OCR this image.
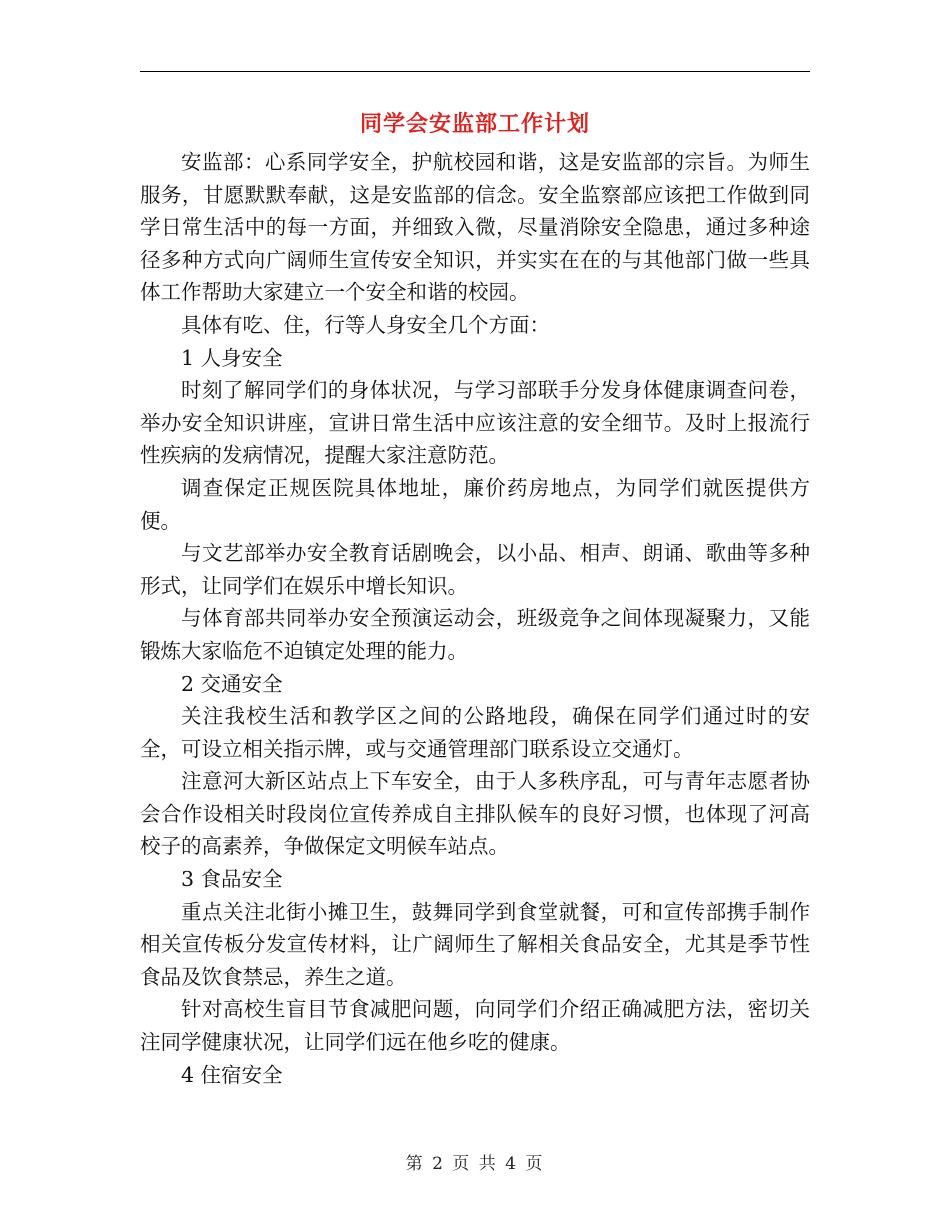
同学会安监部工作计划

安监部：心系同学安全，护航校园和谐，这是安监部的宗旨。为师生服务，甘愿默默奉献，这是安监部的信念。安全监察部应该把工作做到同学日常生活中的每一方面，并细致入微，尽量消除安全隐患，通过多种途径多种方式向广阔师生宣传安全知识，并实实在在的与其他部门做一些具体工作帮助大家建立一个安全和谐的校园。

具体有吃、住，行等人身安全几个方面：

1 人身安全

时刻了解同学们的身体状况，与学习部联手分发身体健康调查问卷，举办安全知识讲座，宣讲日常生活中应该注意的安全细节。及时上报流行性疾病的发病情况，提醒大家注意防范。

调查保定正规医院具体地址，廉价药房地点，为同学们就医提供方便。

与文艺部举办安全教育话剧晚会，以小品、相声、朗诵、歌曲等多种形式，让同学们在娱乐中增长知识。

与体育部共同举办安全预演运动会，班级竞争之间体现凝聚力，又能锻炼大家临危不迫镇定处理的能力。

2 交通安全

关注我校生活和教学区之间的公路地段，确保在同学们通过时的安全，可设立相关指示牌，或与交通管理部门联系设立交通灯。

注意河大新区站点上下车安全，由于人多秩序乱，可与青年志愿者协会合作设相关时段岗位宣传养成自主排队候车的良好习惯，也体现了河高校子的高素养，争做保定文明候车站点。

3 食品安全

重点关注北街小摊卫生，鼓舞同学到食堂就餐，可和宣传部携手制作相关宣传板分发宣传材料，让广阔师生了解相关食品安全，尤其是季节性食品及饮食禁忌，养生之道。

针对高校生盲目节食减肥问题，向同学们介绍正确减肥方法，密切关注同学健康状况，让同学们远在他乡吃的健康。

4 住宿安全

第 2 页 共 4 页
